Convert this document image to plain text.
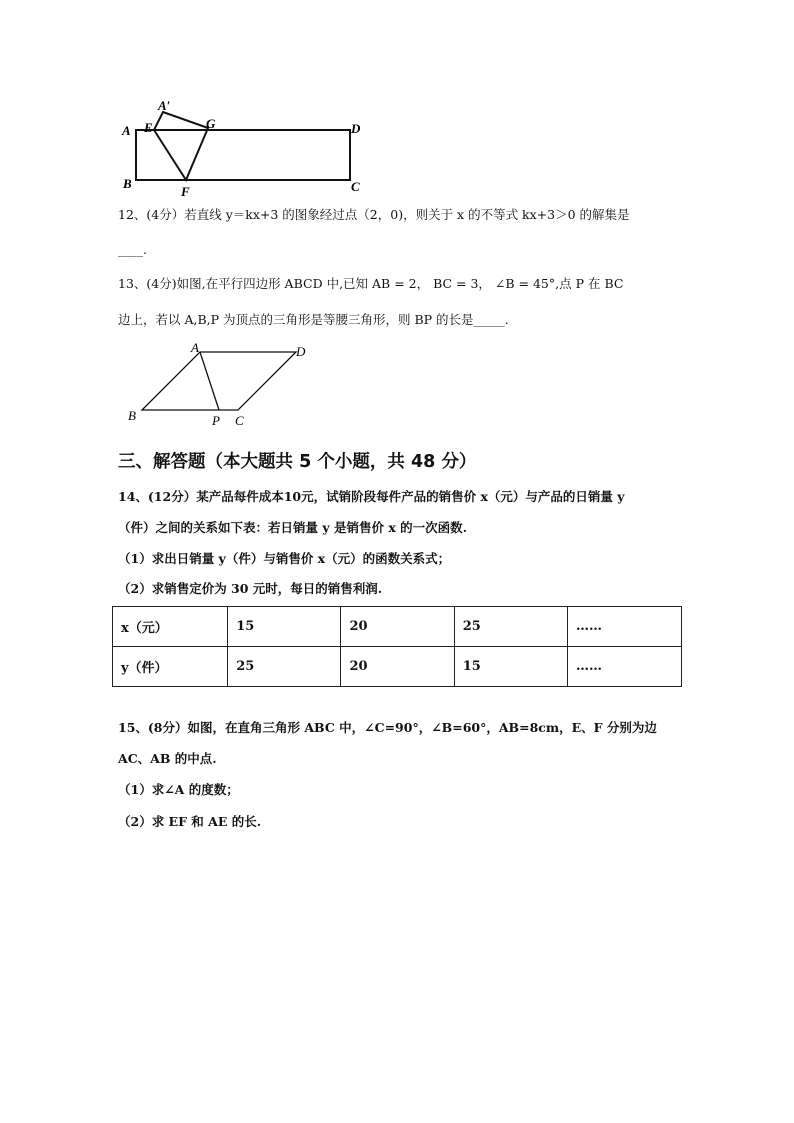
A
A′
E	G	D
B
F	C
12、(4分）若直线 y＝kx+3 的图象经过点（2，0)，则关于 x 的不等式 kx+3＞0 的解集是
____.
13、(4分)如图,在平行四边形 ABCD 中,已知 AB = 2， BC = 3， ∠B = 45°,点 P 在 BC
边上，若以 A,B,P 为顶点的三角形是等腰三角形，则 BP 的长是_____.
A	D
B	P C
三、解答题（本大题共 5 个小题，共 48 分）
14、(12分）某产品每件成本10元，试销阶段每件产品的销售价 x（元）与产品的日销量 y
（件）之间的关系如下表：若日销量 y 是销售价 x 的一次函数.
（1）求出日销量 y（件）与销售价 x（元）的函数关系式；
（2）求销售定价为 30 元时，每日的销售利润.
x（元）	15	20	25	……
y（件）	25	20	15	……
15、(8分）如图，在直角三角形 ABC 中，∠C=90°，∠B=60°，AB=8cm，E、F 分别为边
AC、AB 的中点.
（1）求∠A 的度数；
（2）求 EF 和 AE 的长.
